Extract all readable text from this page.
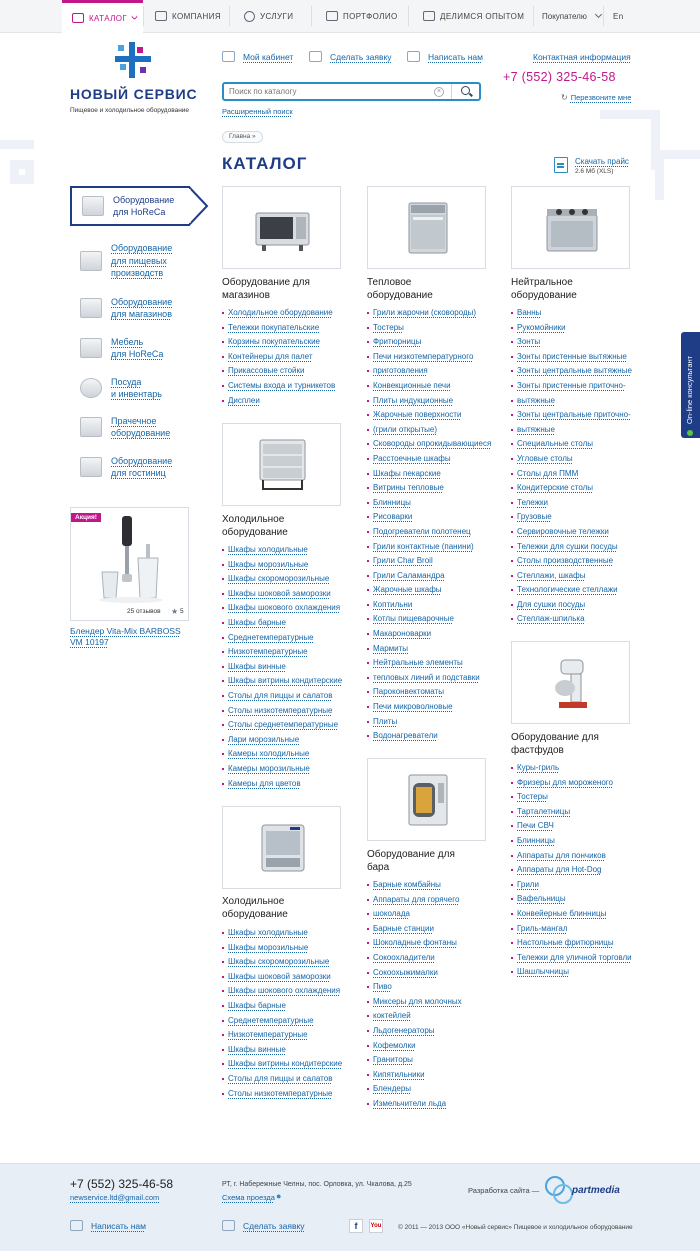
КАТАЛОГ	КОМПАНИЯ	УСЛУГИ	ПОРТФОЛИО	ДЕЛИМСЯ ОПЫТОМ Покупателю	En
НОВЫЙ СЕРВИС
Пищевое и холодильное оборудование
Мой кабинет	Сделать заявку	Написать нам	Контактная информация
+7 (552) 325-46-58
↻ Перезвоните мне
Поиск по каталогу
×
Расширенный поиск
Главна »
КАТАЛОГ	Скачать прайс
2.6 Мб (XLS)
Оборудование
для HoReCa
Оборудование
для пищевых
производств
Оборудование
для магазинов
Мебель
для HoReCa
Посуда
и инвентарь
Прачечное
оборудование
Оборудование
для гостиниц
Акция!
25 отзывов ★ 5
Блендер Vita-Mix BARBOSS
VM 10197
Оборудование для
магазинов
Холодильное оборудование
Тележки покупательские
Корзины покупательские
Контейнеры для палет
Прикассовые стойки
Системы входа и турникетов
Дисплеи
Холодильное
оборудование
Шкафы холодильные
Шкафы морозильные
Шкафы скороморозильные
Шкафы шоковой заморозки
Шкафы шокового охлаждения
Шкафы барные
Среднетемпературные
Низкотемпературные
Шкафы винные
Шкафы витрины кондитерские
Столы для пиццы и салатов
Столы низкотемпературные
Столы среднетемпературные
Лари морозильные
Камеры холодильные
Камеры морозильные
Камеры для цветов
Холодильное
оборудование
Шкафы холодильные
Шкафы морозильные
Шкафы скороморозильные
Шкафы шоковой заморозки
Шкафы шокового охлаждения
Шкафы барные
Среднетемпературные
Низкотемпературные
Шкафы винные
Шкафы витрины кондитерские
Столы для пиццы и салатов
Столы низкотемпературные
Тепловое
оборудование
Грили жарочни (сковороды)
Тостеры
Фритюрницы
Печи низкотемпературного
приготовления
Конвекционные печи
Плиты индукционные
Жарочные поверхности
(грили открытые)
Сковороды опрокидывающиеся
Расстоечные шкафы
Шкафы пекарские
Витрины тепловые
Блинницы
Рисоварки
Подогреватели полотенец
Грили контактные (панини)
Грили Char Broil
Грили Саламандра
Жарочные шкафы
Коптильни
Котлы пищеварочные
Макароноварки
Мармиты
Нейтральные элементы
тепловых линий и подставки
Пароконвектоматы
Печи микроволновые
Плиты
Водонагреватели
Оборудование для
бара
Барные комбайны
Аппараты для горячего
шоколада
Барные станции
Шоколадные фонтаны
Сокоохладители
Сокоохыжималки
Пиво
Миксеры для молочных
коктейлей
Льдогенераторы
Кофемолки
Граниторы
Кипятильники
Блендеры
Измельчители льда
Нейтральное
оборудование
Ванны
Рукомойники
Зонты
Зонты пристенные вытяжные
Зонты центральные вытяжные
Зонты пристенные приточно-
вытяжные
Зонты центральные приточно-
вытяжные
Специальные столы
Угловые столы
Столы для ПММ
Кондитерские столы
Тележки
Грузовые
Сервировочные тележки
Тележки для сушки посуды
Столы производственные
Стеллажи, шкафы
Технологические стеллажи
Для сушки посуды
Стеллаж-шпилька
Оборудование для
фастфудов
Куры-гриль
Фризеры для мороженого
Тостеры
Тартaлетницы
Печи СВЧ
Блинницы
Аппараты для пончиков
Аппараты для Hot-Dog
Грили
Вафельницы
Конвейерные блинницы
Гриль-мангал
Настольные фритюрницы
Тележки для уличной торговли
Шашлычницы
On-line консультант
+7 (552) 325-46-58
newservice.ltd@gmail.com
РТ, г. Набережные Челны, пос. Орловка, ул. Чкалова, д.25
Схема проезда ●
Разработка сайта —	partmedia
Написать нам	Сделать заявку	f	You	© 2011 — 2013 ООО «Новый сервис» Пищевое и холодильное оборудование
